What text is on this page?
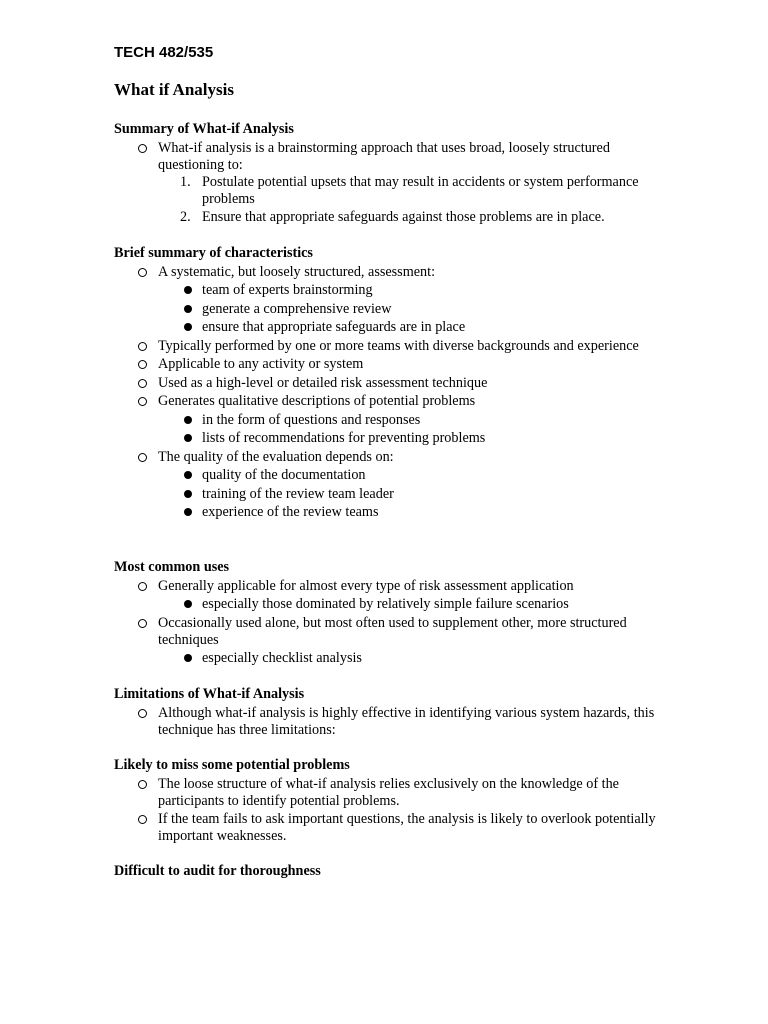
TECH 482/535

What if Analysis
Summary of What-if Analysis
What-if analysis is a brainstorming approach that uses broad, loosely structured questioning to:
1. Postulate potential upsets that may result in accidents or system performance problems
2. Ensure that appropriate safeguards against those problems are in place.
Brief summary of characteristics
A systematic, but loosely structured, assessment:
team of experts brainstorming
generate a comprehensive review
ensure that appropriate safeguards are in place
Typically performed by one or more teams with diverse backgrounds and experience
Applicable to any activity or system
Used as a high-level or detailed risk assessment technique
Generates qualitative descriptions of potential problems
in the form of questions and responses
lists of recommendations for preventing problems
The quality of the evaluation depends on:
quality of the documentation
training of the review team leader
experience of the review teams
Most common uses
Generally applicable for almost every type of risk assessment application
especially those dominated by relatively simple failure scenarios
Occasionally used alone, but most often used to supplement other, more structured techniques
especially checklist analysis
Limitations of What-if Analysis
Although what-if analysis is highly effective in identifying various system hazards, this technique has three limitations:
Likely to miss some potential problems
The loose structure of what-if analysis relies exclusively on the knowledge of the participants to identify potential problems.
If the team fails to ask important questions, the analysis is likely to overlook potentially important weaknesses.
Difficult to audit for thoroughness
